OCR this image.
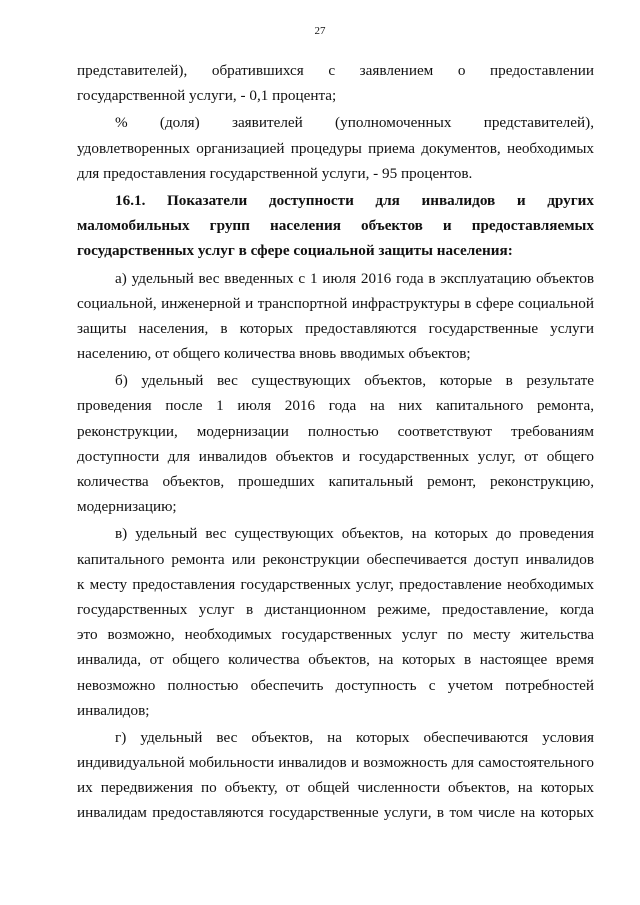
27
представителей), обратившихся с заявлением о предоставлении
государственной услуги, - 0,1 процента;
% (доля) заявителей (уполномоченных представителей),
удовлетворенных организацией процедуры приема документов, необходимых
для предоставления государственной услуги, - 95 процентов.
16.1. Показатели доступности для инвалидов и других
маломобильных групп населения объектов и предоставляемых
государственных услуг в сфере социальной защиты населения:
а) удельный вес введенных с 1 июля 2016 года в эксплуатацию объектов
социальной, инженерной и транспортной инфраструктуры в сфере социальной
защиты населения, в которых предоставляются государственные услуги
населению, от общего количества вновь вводимых объектов;
б) удельный вес существующих объектов, которые в результате
проведения после 1 июля 2016 года на них капитального ремонта,
реконструкции, модернизации полностью соответствуют требованиям
доступности для инвалидов объектов и государственных услуг, от общего
количества объектов, прошедших капитальный ремонт, реконструкцию,
модернизацию;
в) удельный вес существующих объектов, на которых до проведения
капитального ремонта или реконструкции обеспечивается доступ инвалидов
к месту предоставления государственных услуг, предоставление необходимых
государственных услуг в дистанционном режиме, предоставление, когда
это возможно, необходимых государственных услуг по месту жительства
инвалида, от общего количества объектов, на которых в настоящее время
невозможно полностью обеспечить доступность с учетом потребностей
инвалидов;
г) удельный вес объектов, на которых обеспечиваются условия
индивидуальной мобильности инвалидов и возможность для самостоятельного
их передвижения по объекту, от общей численности объектов, на которых
инвалидам предоставляются государственные услуги, в том числе на которых
